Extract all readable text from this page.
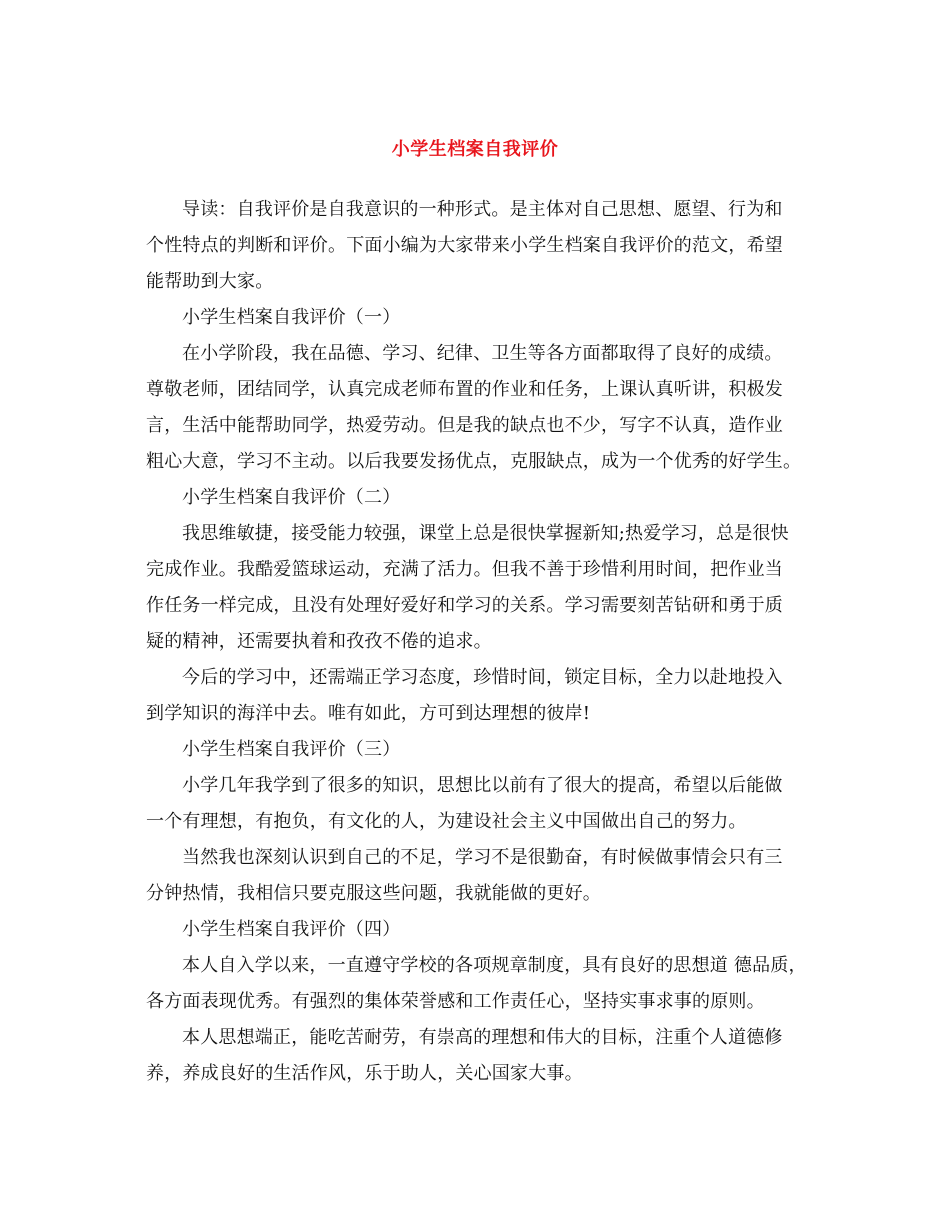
小学生档案自我评价
导读：自我评价是自我意识的一种形式。是主体对自己思想、愿望、行为和
个性特点的判断和评价。下面小编为大家带来小学生档案自我评价的范文，希望
能帮助到大家。
小学生档案自我评价（一）
在小学阶段，我在品德、学习、纪律、卫生等各方面都取得了良好的成绩。
尊敬老师，团结同学，认真完成老师布置的作业和任务，上课认真听讲，积极发
言，生活中能帮助同学，热爱劳动。但是我的缺点也不少，写字不认真，造作业
粗心大意，学习不主动。以后我要发扬优点，克服缺点，成为一个优秀的好学生。
小学生档案自我评价（二）
我思维敏捷，接受能力较强，课堂上总是很快掌握新知;热爱学习，总是很快
完成作业。我酷爱篮球运动，充满了活力。但我不善于珍惜利用时间，把作业当
作任务一样完成，且没有处理好爱好和学习的关系。学习需要刻苦钻研和勇于质
疑的精神，还需要执着和孜孜不倦的追求。
今后的学习中，还需端正学习态度，珍惜时间，锁定目标，全力以赴地投入
到学知识的海洋中去。唯有如此，方可到达理想的彼岸!
小学生档案自我评价（三）
小学几年我学到了很多的知识，思想比以前有了很大的提高，希望以后能做
一个有理想，有抱负，有文化的人，为建设社会主义中国做出自己的努力。
当然我也深刻认识到自己的不足，学习不是很勤奋，有时候做事情会只有三
分钟热情，我相信只要克服这些问题，我就能做的更好。
小学生档案自我评价（四）
本人自入学以来，一直遵守学校的各项规章制度，具有良好的思想道 德品质，
各方面表现优秀。有强烈的集体荣誉感和工作责任心，坚持实事求事的原则。
本人思想端正，能吃苦耐劳，有崇高的理想和伟大的目标，注重个人道德修
养，养成良好的生活作风，乐于助人，关心国家大事。
